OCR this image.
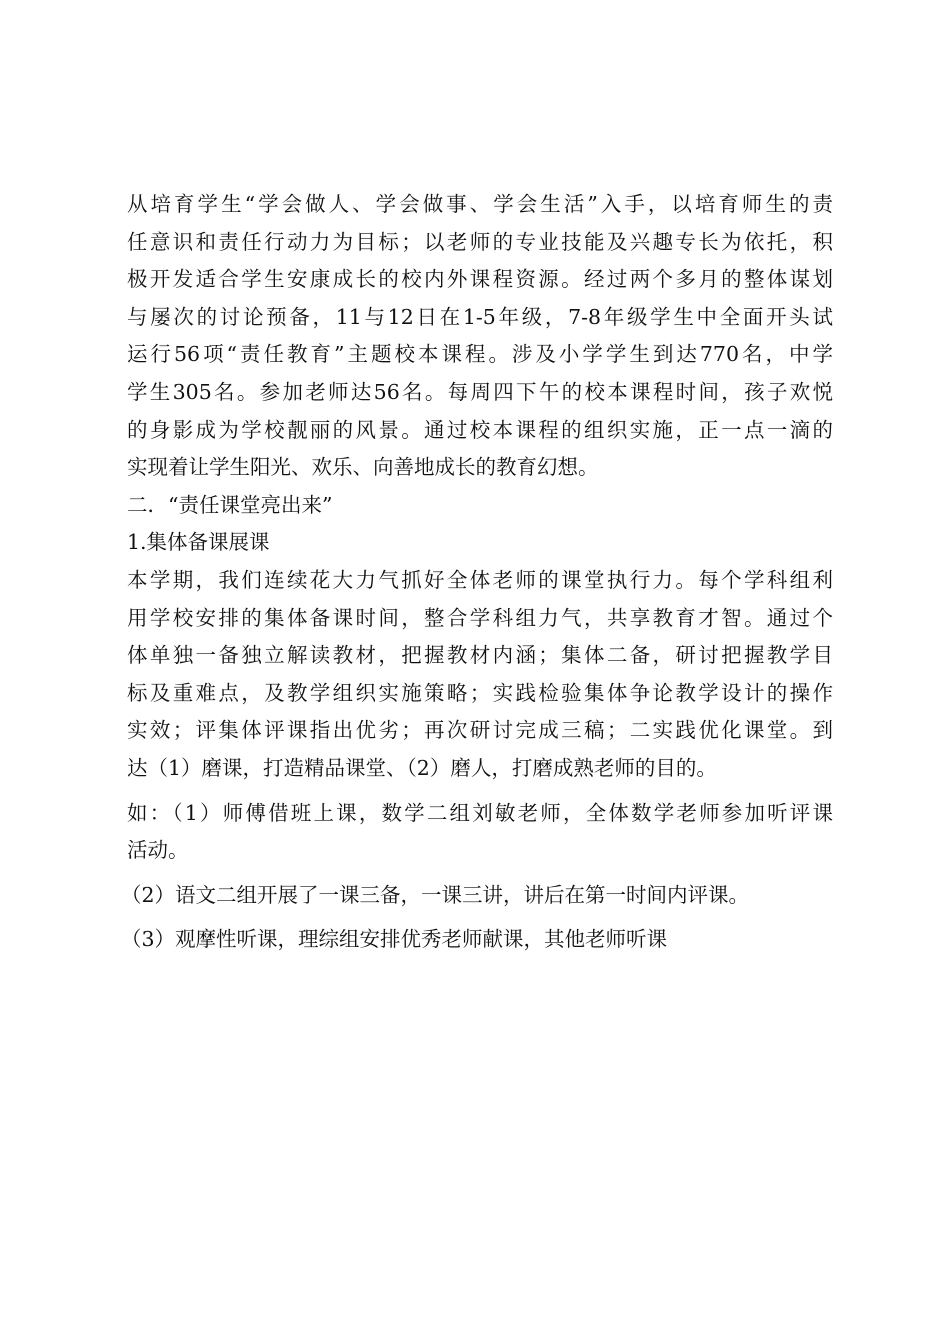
从培育学生“学会做人、学会做事、学会生活”入手，以培育师生的责

任意识和责任行动力为目标；以老师的专业技能及兴趣专长为依托，积

极开发适合学生安康成长的校内外课程资源。经过两个多月的整体谋划

与屡次的讨论预备，11与12日在1-5年级，7-8年级学生中全面开头试

运行56项“责任教育”主题校本课程。涉及小学学生到达770名，中学

学生305名。参加老师达56名。每周四下午的校本课程时间，孩子欢悦

的身影成为学校靓丽的风景。通过校本课程的组织实施，正一点一滴的

实现着让学生阳光、欢乐、向善地成长的教育幻想。

二．“责任课堂亮出来”

1.集体备课展课

本学期，我们连续花大力气抓好全体老师的课堂执行力。每个学科组利

用学校安排的集体备课时间，整合学科组力气，共享教育才智。通过个

体单独一备独立解读教材，把握教材内涵；集体二备，研讨把握教学目

标及重难点，及教学组织实施策略；实践检验集体争论教学设计的操作

实效；评集体评课指出优劣；再次研讨完成三稿；二实践优化课堂。到

达（1）磨课，打造精品课堂、（2）磨人，打磨成熟老师的目的。

如：（1）师傅借班上课，数学二组刘敏老师，全体数学老师参加听评课

活动。

（2）语文二组开展了一课三备，一课三讲，讲后在第一时间内评课。

（3）观摩性听课，理综组安排优秀老师献课，其他老师听课
